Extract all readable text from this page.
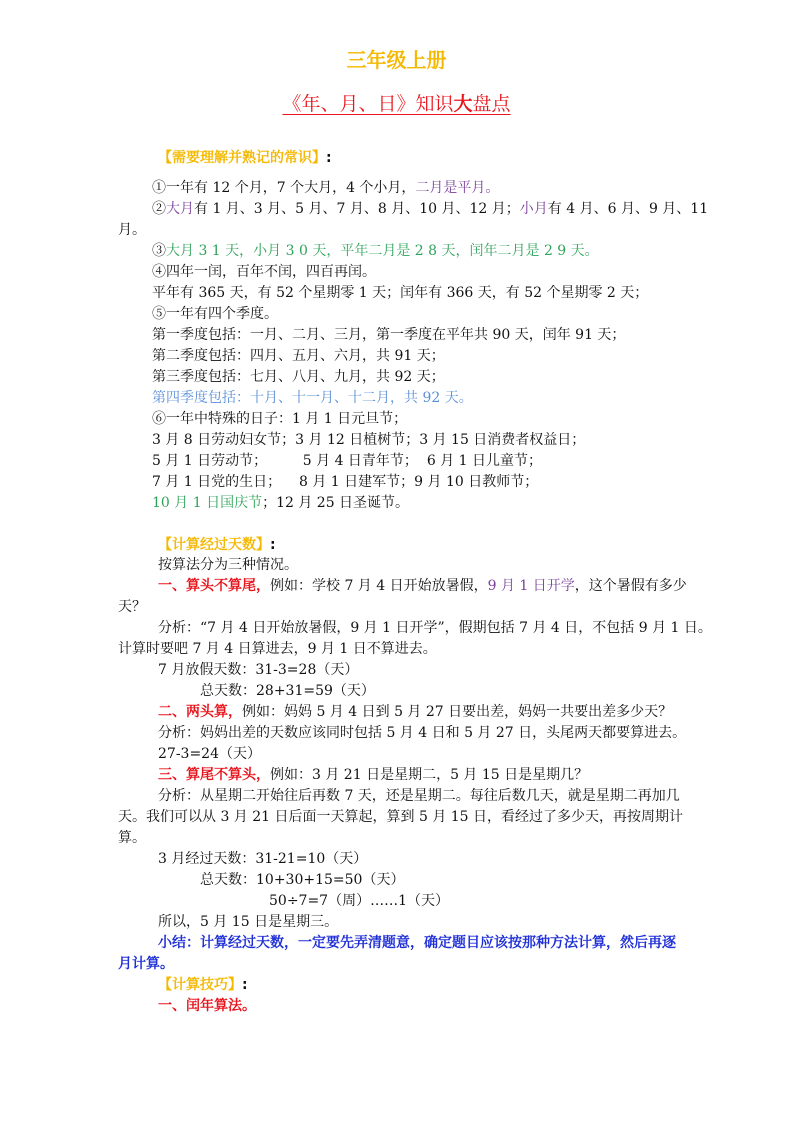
三年级上册
《年、月、日》知识大盘点
【需要理解并熟记的常识】:
①一年有 12 个月，7 个大月，4 个小月，二月是平月。
②大月有 1 月、3 月、5 月、7 月、8 月、10 月、12 月；小月有 4 月、6 月、9 月、11
月。
③大月 3 1 天，小月 3 0 天，平年二月是 2 8 天，闰年二月是 2 9 天。
④四年一闰，百年不闰，四百再闰。
平年有 365 天，有 52 个星期零 1 天；闰年有 366 天，有 52 个星期零 2 天；
⑤一年有四个季度。
第一季度包括：一月、二月、三月，第一季度在平年共 90 天，闰年 91 天；
第二季度包括：四月、五月、六月，共 91 天；
第三季度包括：七月、八月、九月，共 92 天；
第四季度包括：十月、十一月、十二月，共 92 天。
⑥一年中特殊的日子：1 月 1 日元旦节；
3 月 8 日劳动妇女节；3 月 12 日植树节；3 月 15 日消费者权益日；
5 月 1 日劳动节；        5 月 4 日青年节；  6 月 1 日儿童节；
7 月 1 日党的生日；    8 月 1 日建军节；9 月 10 日教师节；
10 月 1 日国庆节；12 月 25 日圣诞节。
【计算经过天数】:
按算法分为三种情况。
一、算头不算尾，例如：学校 7 月 4 日开始放暑假，9 月 1 日开学，这个暑假有多少
天？
分析：“7 月 4 日开始放暑假，9 月 1 日开学”，假期包括 7 月 4 日，不包括 9 月 1 日。
计算时要吧 7 月 4 日算进去，9 月 1 日不算进去。
7 月放假天数：31-3=28（天）
总天数：28+31=59（天）
二、两头算，例如：妈妈 5 月 4 日到 5 月 27 日要出差，妈妈一共要出差多少天？
分析：妈妈出差的天数应该同时包括 5 月 4 日和 5 月 27 日，头尾两天都要算进去。
27-3=24（天）
三、算尾不算头，例如：3 月 21 日是星期二，5 月 15 日是星期几？
分析：从星期二开始往后再数 7 天，还是星期二。每往后数几天，就是星期二再加几
天。我们可以从 3 月 21 日后面一天算起，算到 5 月 15 日，看经过了多少天，再按周期计
算。
3 月经过天数：31-21=10（天）
总天数：10+30+15=50（天）
50÷7=7（周）……1（天）
所以，5 月 15 日是星期三。
小结：计算经过天数，一定要先弄清题意，确定题目应该按那种方法计算，然后再逐
月计算。
【计算技巧】:
一、闰年算法。
